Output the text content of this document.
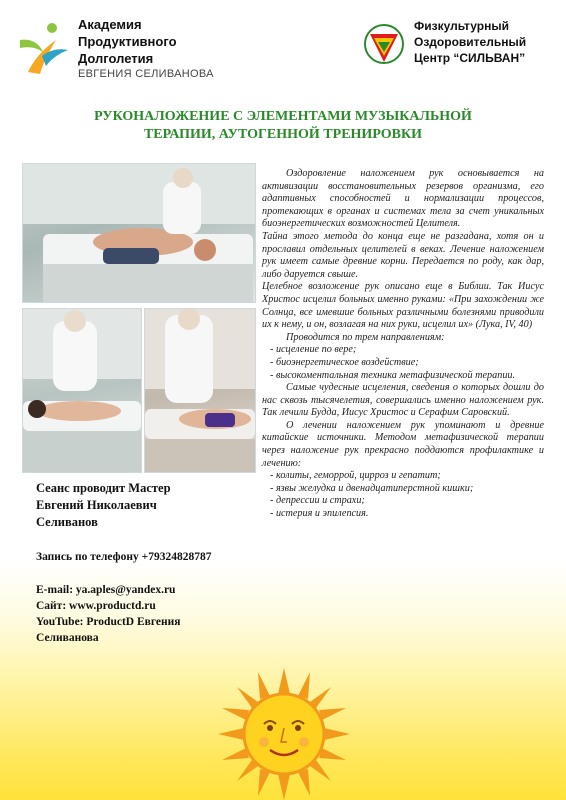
Академия
Продуктивного
Долголетия
ЕВГЕНИЯ СЕЛИВАНОВА
Физкультурный
Оздоровительный
Центр “СИЛЬВАН”
РУКОНАЛОЖЕНИЕ С ЭЛЕМЕНТАМИ МУЗЫКАЛЬНОЙ
ТЕРАПИИ, АУТОГЕННОЙ ТРЕНИРОВКИ
Сеанс проводит Мастер
Евгений Николаевич
Селиванов
Запись по телефону +79324828787
E-mail: ya.aples@yandex.ru
Сайт: www.productd.ru
YouTube: ProductD Евгения
Селиванова

Оздоровление наложением рук основывается на активизации восстановительных резервов организма, его адаптивных способностей и нормализации процессов, протекающих в органах и системах тела за счет уникальных биоэнергетических возможностей Целителя.

Тайна этого метода до конца еще не разгадана, хотя он и прославил отдельных целителей в веках. Лечение наложением рук имеет самые древние корни. Передается по роду, как дар, либо даруется свыше.

Целебное возложение рук описано еще в Библии. Так Иисус Христос исцелил больных именно руками: «При захождении же Солнца, все имевшие больных различными болезнями приводили их к нему, и он, возлагая на них руки, исцелил их» (Лука, IV, 40)

Проводится по трем направлениям:

- исцеление по вере;

- биоэнергетическое воздействие;

- высокоментальная техника метафизической терапии.

Самые чудесные исцеления, сведения о которых дошли до нас сквозь тысячелетия, совершались именно наложением рук. Так лечили Будда, Иисус Христос и Серафим Саровский.

О лечении наложением рук упоминают и древние китайские источники. Методом метафизической терапии через наложение рук прекрасно поддаются профилактике и лечению:

- колиты, геморрой, цирроз и гепатит;

- язвы желудка и двенадцатиперстной кишки;

- депрессии и страхи;

- истерия и эпилепсия.
